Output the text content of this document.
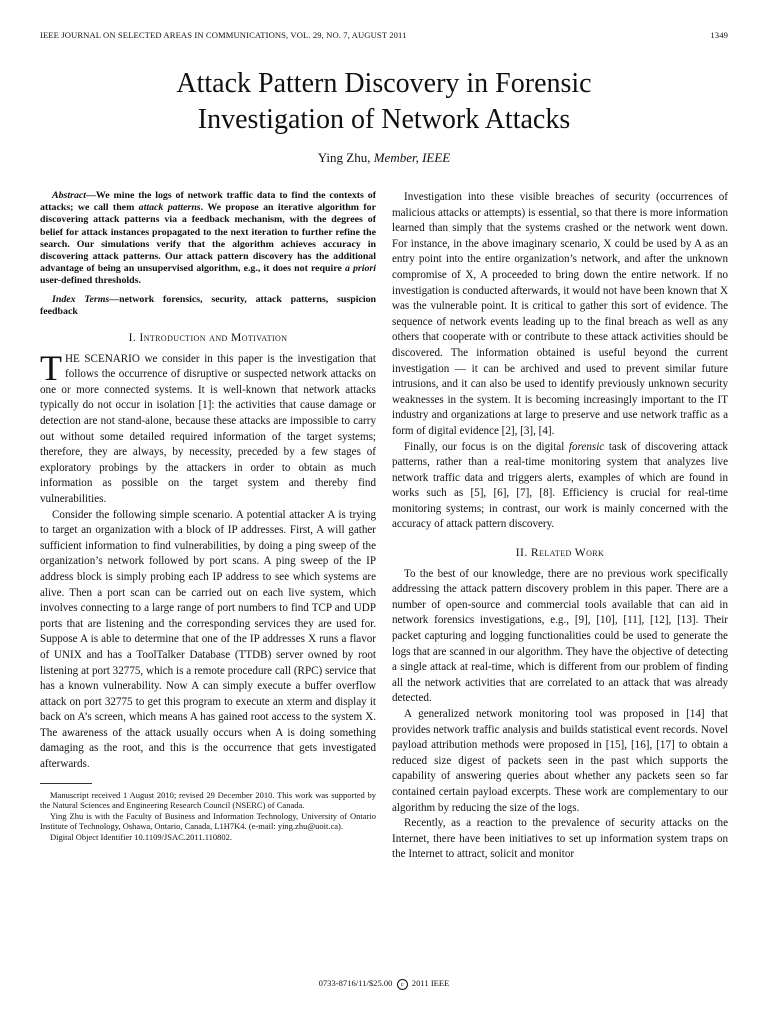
IEEE JOURNAL ON SELECTED AREAS IN COMMUNICATIONS, VOL. 29, NO. 7, AUGUST 2011	1349
Attack Pattern Discovery in Forensic
Investigation of Network Attacks
Ying Zhu, Member, IEEE

Abstract—We mine the logs of network traffic data to find the contexts of attacks; we call them attack patterns. We propose an iterative algorithm for discovering attack patterns via a feedback mechanism, with the degrees of belief for attack instances propagated to the next iteration to further refine the search. Our simulations verify that the algorithm achieves accuracy in discovering attack patterns. Our attack pattern discovery has the additional advantage of being an unsupervised algorithm, e.g., it does not require a priori user-defined thresholds.

Index Terms—network forensics, security, attack patterns, suspicion feedback

I. Introduction and Motivation

THE SCENARIO we consider in this paper is the investigation that follows the occurrence of disruptive or suspected network attacks on one or more connected systems. It is well-known that network attacks typically do not occur in isolation [1]: the activities that cause damage or detection are not stand-alone, because these attacks are impossible to carry out without some detailed required information of the target systems; therefore, they are always, by necessity, preceded by a few stages of exploratory probings by the attackers in order to obtain as much information as possible on the target system and thereby find vulnerabilities.

Consider the following simple scenario. A potential attacker A is trying to target an organization with a block of IP addresses. First, A will gather sufficient information to find vulnerabilities, by doing a ping sweep of the organization’s network followed by port scans. A ping sweep of the IP address block is simply probing each IP address to see which systems are alive. Then a port scan can be carried out on each live system, which involves connecting to a large range of port numbers to find TCP and UDP ports that are listening and the corresponding services they are used for. Suppose A is able to determine that one of the IP addresses X runs a flavor of UNIX and has a ToolTalker Database (TTDB) server owned by root listening at port 32775, which is a remote procedure call (RPC) service that has a known vulnerability. Now A can simply execute a buffer overflow attack on port 32775 to get this program to execute an xterm and display it back on A’s screen, which means A has gained root access to the system X. The awareness of the attack usually occurs when A is doing something damaging as the root, and this is the occurrence that gets investigated afterwards.

Manuscript received 1 August 2010; revised 29 December 2010. This work was supported by the Natural Sciences and Engineering Research Council (NSERC) of Canada.

Ying Zhu is with the Faculty of Business and Information Technology, University of Ontario Institute of Technology, Oshawa, Ontario, Canada, L1H7K4. (e-mail: ying.zhu@uoit.ca).

Digital Object Identifier 10.1109/JSAC.2011.110802.

Investigation into these visible breaches of security (occurrences of malicious attacks or attempts) is essential, so that there is more information learned than simply that the systems crashed or the network went down. For instance, in the above imaginary scenario, X could be used by A as an entry point into the entire organization’s network, and after the unknown compromise of X, A proceeded to bring down the entire network. If no investigation is conducted afterwards, it would not have been known that X was the vulnerable point. It is critical to gather this sort of evidence. The sequence of network events leading up to the final breach as well as any others that cooperate with or contribute to these attack activities should be discovered. The information obtained is useful beyond the current investigation — it can be archived and used to prevent similar future intrusions, and it can also be used to identify previously unknown security weaknesses in the system. It is becoming increasingly important to the IT industry and organizations at large to preserve and use network traffic as a form of digital evidence [2], [3], [4].

Finally, our focus is on the digital forensic task of discovering attack patterns, rather than a real-time monitoring system that analyzes live network traffic data and triggers alerts, examples of which are found in works such as [5], [6], [7], [8]. Efficiency is crucial for real-time monitoring systems; in contrast, our work is mainly concerned with the accuracy of attack pattern discovery.

II. Related Work

To the best of our knowledge, there are no previous work specifically addressing the attack pattern discovery problem in this paper. There are a number of open-source and commercial tools available that can aid in network forensics investigations, e.g., [9], [10], [11], [12], [13]. Their packet capturing and logging functionalities could be used to generate the logs that are scanned in our algorithm. They have the objective of detecting a single attack at real-time, which is different from our problem of finding all the network activities that are correlated to an attack that was already detected.

A generalized network monitoring tool was proposed in [14] that provides network traffic analysis and builds statistical event records. Novel payload attribution methods were proposed in [15], [16], [17] to obtain a reduced size digest of packets seen in the past which supports the capability of answering queries about whether any packets seen so far contained certain payload excerpts. These work are complementary to our algorithm by reducing the size of the logs.

Recently, as a reaction to the prevalence of security attacks on the Internet, there have been initiatives to set up information system traps on the Internet to attract, solicit and monitor

0733-8716/11/$25.00 c 2011 IEEE
